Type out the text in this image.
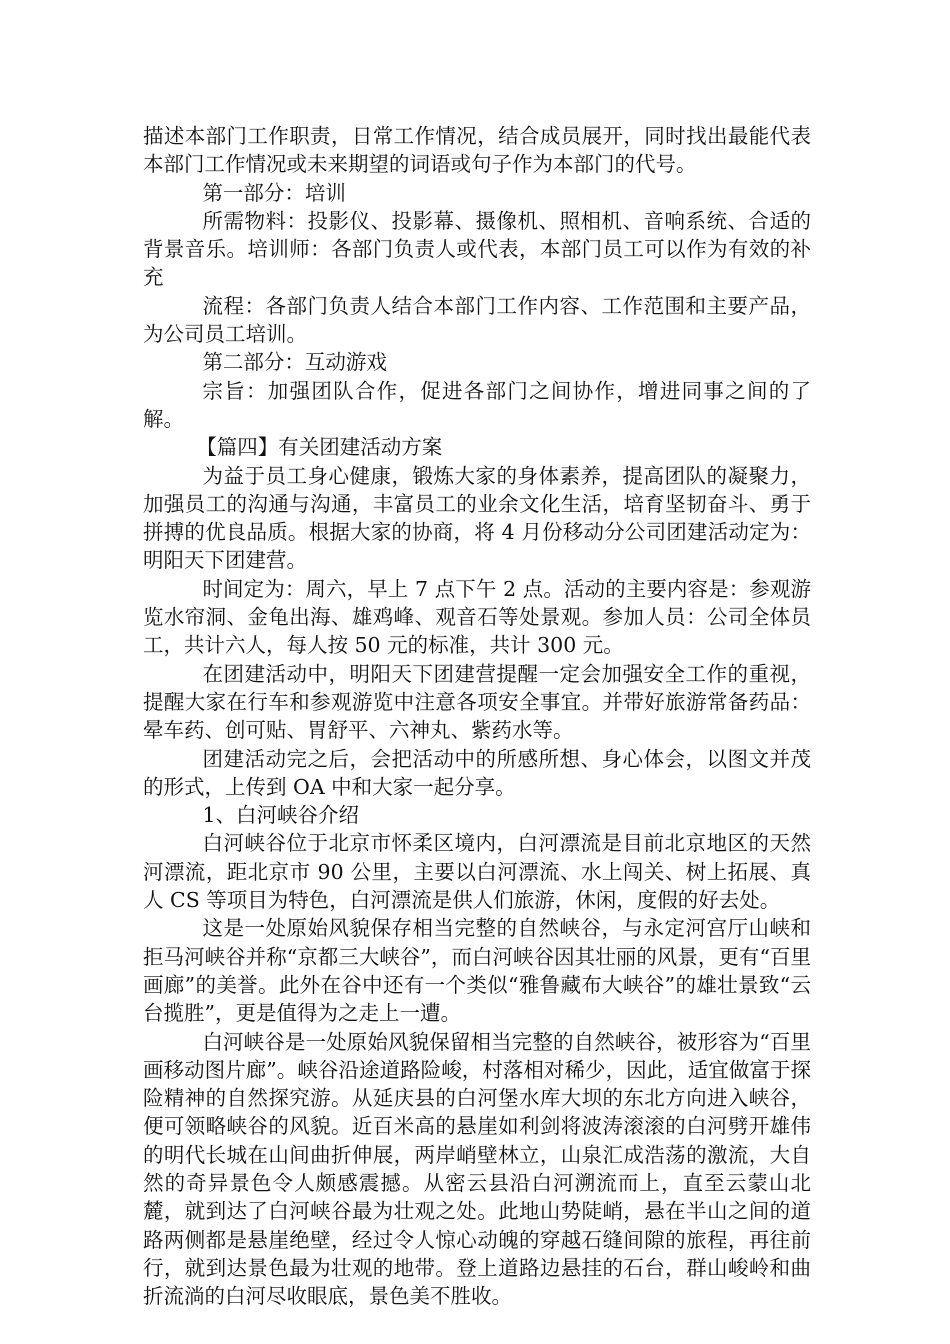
描述本部门工作职责，日常工作情况，结合成员展开，同时找出最能代表本部门工作情况或未来期望的词语或句子作为本部门的代号。

第一部分：培训

所需物料：投影仪、投影幕、摄像机、照相机、音响系统、合适的背景音乐。培训师：各部门负责人或代表，本部门员工可以作为有效的补充

流程：各部门负责人结合本部门工作内容、工作范围和主要产品，为公司员工培训。

第二部分：互动游戏

宗旨：加强团队合作，促进各部门之间协作，增进同事之间的了解。

【篇四】有关团建活动方案

为益于员工身心健康，锻炼大家的身体素养，提高团队的凝聚力，加强员工的沟通与沟通，丰富员工的业余文化生活，培育坚韧奋斗、勇于拼搏的优良品质。根据大家的协商，将 4 月份移动分公司团建活动定为：明阳天下团建营。

时间定为：周六，早上 7 点下午 2 点。活动的主要内容是：参观游览水帘洞、金龟出海、雄鸡峰、观音石等处景观。参加人员：公司全体员工，共计六人，每人按 50 元的标准，共计 300 元。

在团建活动中，明阳天下团建营提醒一定会加强安全工作的重视，提醒大家在行车和参观游览中注意各项安全事宜。并带好旅游常备药品：晕车药、创可贴、胃舒平、六神丸、紫药水等。

团建活动完之后，会把活动中的所感所想、身心体会，以图文并茂的形式，上传到 OA 中和大家一起分享。

1、白河峡谷介绍

白河峡谷位于北京市怀柔区境内，白河漂流是目前北京地区的天然河漂流，距北京市 90 公里，主要以白河漂流、水上闯关、树上拓展、真人 CS 等项目为特色，白河漂流是供人们旅游，休闲，度假的好去处。

这是一处原始风貌保存相当完整的自然峡谷，与永定河宫厅山峡和拒马河峡谷并称“京都三大峡谷”，而白河峡谷因其壮丽的风景，更有“百里画廊”的美誉。此外在谷中还有一个类似“雅鲁藏布大峡谷”的雄壮景致“云台揽胜”，更是值得为之走上一遭。

白河峡谷是一处原始风貌保留相当完整的自然峡谷，被形容为“百里画移动图片廊”。峡谷沿途道路险峻，村落相对稀少，因此，适宜做富于探险精神的自然探究游。从延庆县的白河堡水库大坝的东北方向进入峡谷，便可领略峡谷的风貌。近百米高的悬崖如利剑将波涛滚滚的白河劈开雄伟的明代长城在山间曲折伸展，两岸峭壁林立，山泉汇成浩荡的激流，大自然的奇异景色令人颇感震撼。从密云县沿白河溯流而上，直至云蒙山北麓，就到达了白河峡谷最为壮观之处。此地山势陡峭，悬在半山之间的道路两侧都是悬崖绝壁，经过令人惊心动魄的穿越石缝间隙的旅程，再往前行，就到达景色最为壮观的地带。登上道路边悬挂的石台，群山峻岭和曲折流淌的白河尽收眼底，景色美不胜收。
